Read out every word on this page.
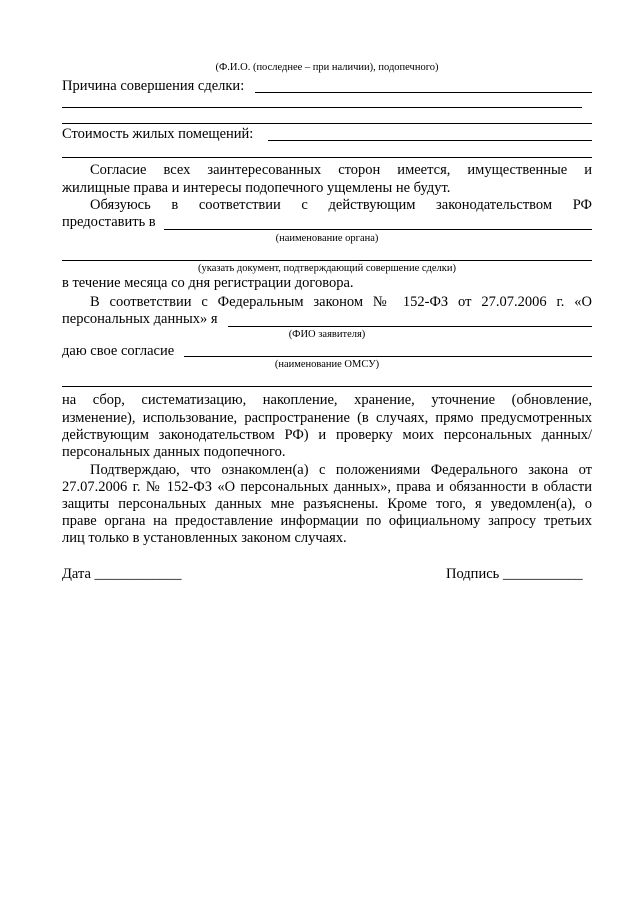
(Ф.И.О. (последнее – при наличии), подопечного)
Причина совершения сделки:
Стоимость жилых помещений:
Согласие всех заинтересованных сторон имеется, имущественные и
жилищные права и интересы подопечного ущемлены не будут.
Обязуюсь в соответствии с действующим законодательством РФ
предоставить в
(наименование органа)
(указать документ, подтверждающий совершение сделки)
в течение месяца со дня регистрации договора.
В соответствии с Федеральным законом № 152-ФЗ от 27.07.2006 г. «О
персональных данных» я
(ФИО заявителя)
даю свое согласие
(наименование ОМСУ)
на сбор, систематизацию, накопление, хранение, уточнение (обновление,
изменение), использование, распространение (в случаях, прямо предусмотренных
действующим законодательством РФ) и проверку моих персональных данных/
персональных данных подопечного.
Подтверждаю, что ознакомлен(а) с положениями Федерального закона от
27.07.2006 г. № 152-ФЗ «О персональных данных», права и обязанности в области
защиты персональных данных мне разъяснены. Кроме того, я уведомлен(а), о
праве органа на предоставление информации по официальному запросу третьих
лиц только в установленных законом случаях.
Дата ____________	Подпись ___________
